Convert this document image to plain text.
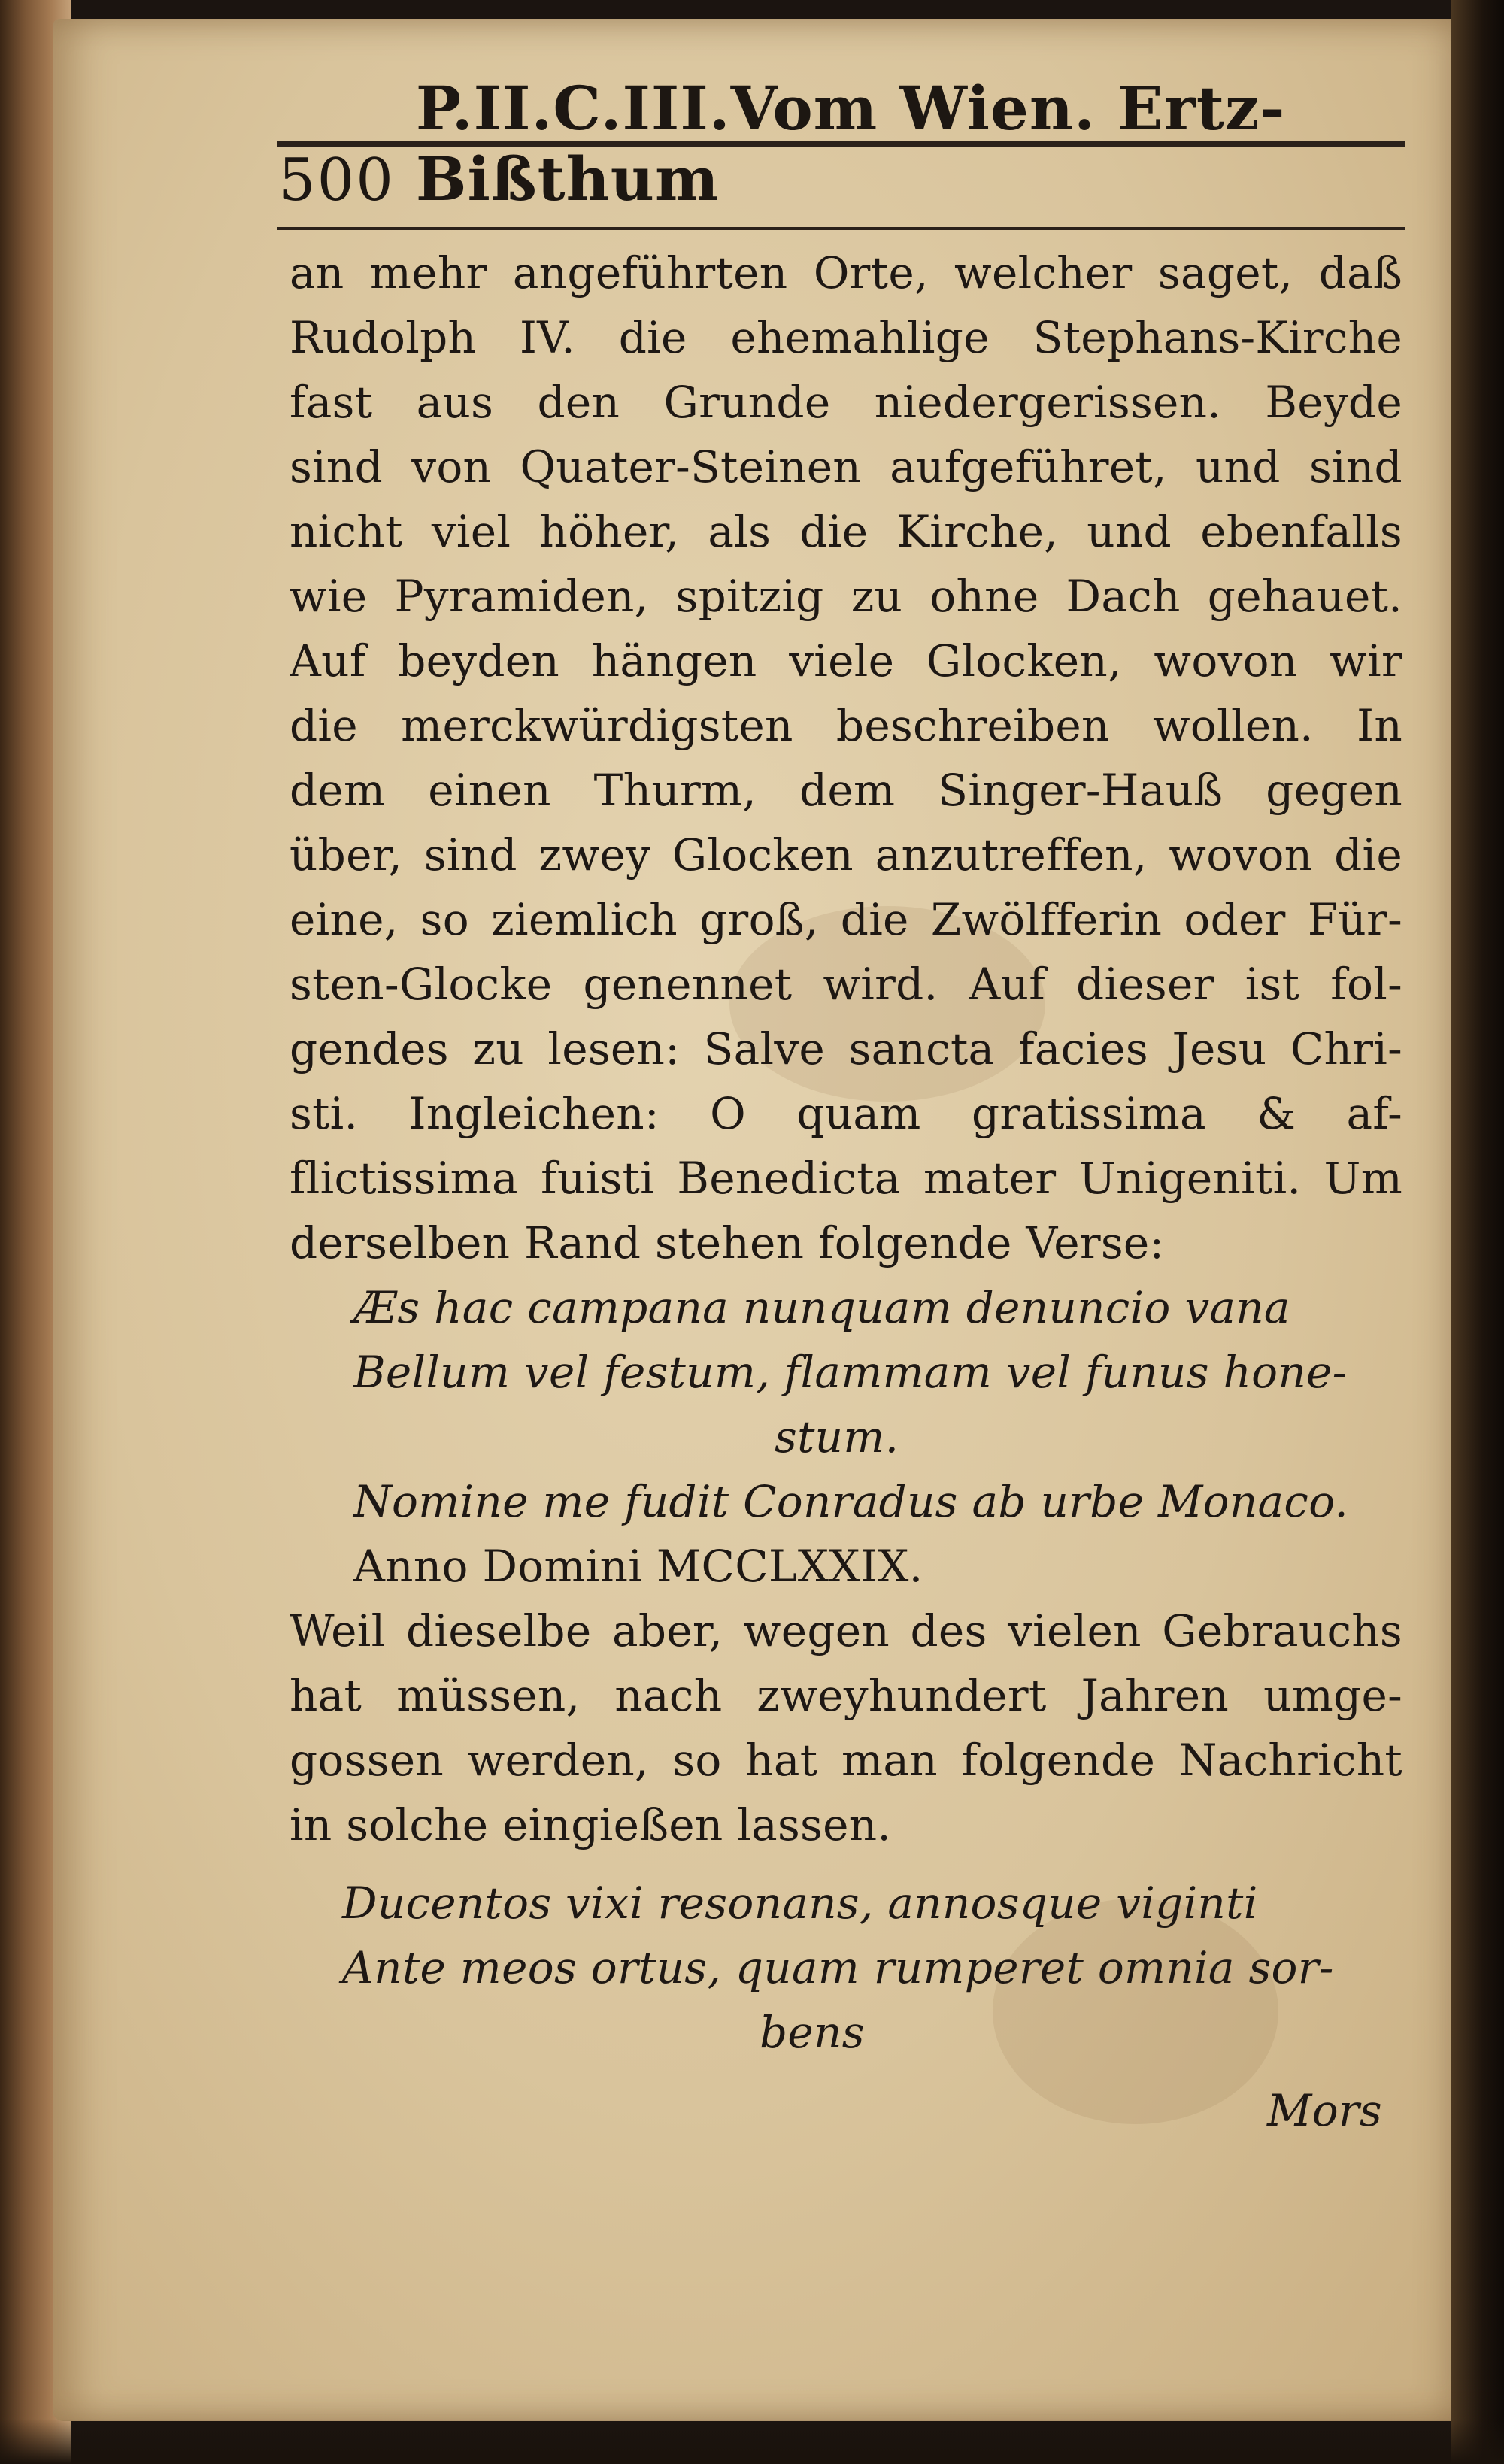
500
P.II.C.III.Vom Wien. Ertz-Bißthum
an mehr angeführten Orte, welcher saget, daß
Rudolph IV. die ehemahlige Stephans-Kirche
fast aus den Grunde niedergerissen. Beyde
sind von Quater-Steinen aufgeführet, und sind
nicht viel höher, als die Kirche, und ebenfalls
wie Pyramiden, spitzig zu ohne Dach gehauet.
Auf beyden hängen viele Glocken, wovon wir
die merckwürdigsten beschreiben wollen. In
dem einen Thurm, dem Singer-Hauß gegen
über, sind zwey Glocken anzutreffen, wovon die
eine, so ziemlich groß, die Zwölfferin oder Für-
sten-Glocke genennet wird. Auf dieser ist fol-
gendes zu lesen: Salve sancta facies Jesu Chri-
sti. Ingleichen: O quam gratissima & af-
flictissima fuisti Benedicta mater Unigeniti. Um
derselben Rand stehen folgende Verse:
Æs hac campana nunquam denuncio vana
Bellum vel festum, flammam vel funus hone-
stum.
Nomine me fudit Conradus ab urbe Monaco.
Anno Domini MCCLXXIX.
Weil dieselbe aber, wegen des vielen Gebrauchs
hat müssen, nach zweyhundert Jahren umge-
gossen werden, so hat man folgende Nachricht
in solche eingießen lassen.
Ducentos vixi resonans, annosque viginti
Ante meos ortus, quam rumperet omnia sor-
bens
Mors
